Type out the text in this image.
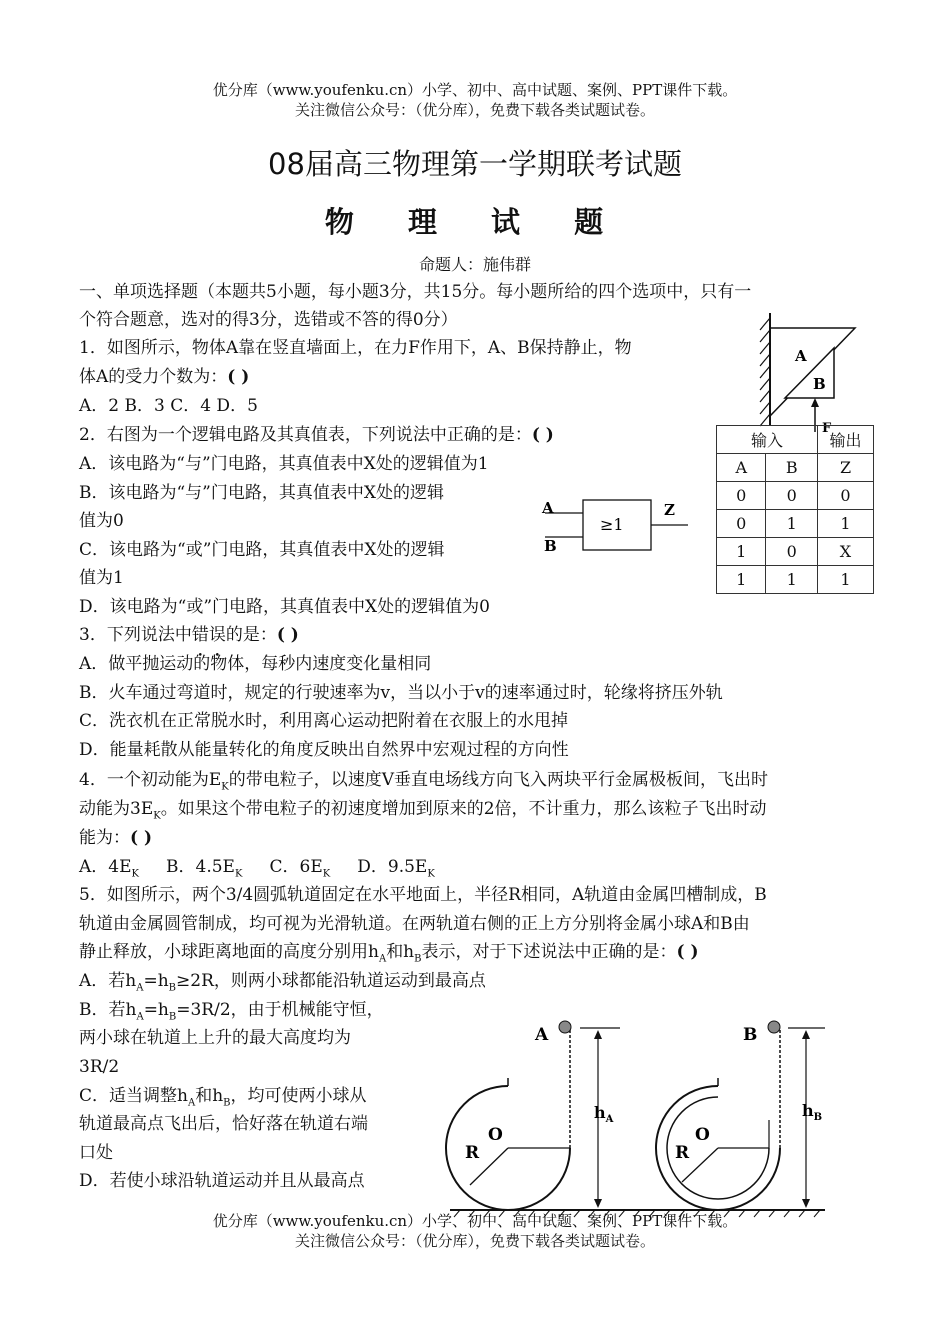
优分库（www.youfenku.cn）小学、初中、高中试题、案例、PPT课件下载。
关注微信公众号：（优分库），免费下载各类试题试卷。
08届高三物理第一学期联考试题
物 理 试 题
命题人：施伟群
一、单项选择题（本题共5小题，每小题3分，共15分。每小题所给的四个选项中，只有一
个符合题意，选对的得3分，选错或不答的得0分）
1．如图所示，物体A靠在竖直墙面上，在力F作用下，A、B保持静止，物
体A的受力个数为：( )
A．2 B．3 C．4 D．5
A
B
F
2．右图为一个逻辑电路及其真值表，下列说法中正确的是：( )
A．该电路为“与”门电路，其真值表中X处的逻辑值为1
B．该电路为“与”门电路，其真值表中X处的逻辑
值为0
C．该电路为“或”门电路，其真值表中X处的逻辑
值为1
D．该电路为“或”门电路，其真值表中X处的逻辑值为0
≥1
A
B
Z
输入		输出
A	B	Z
0	0	0
0	1	1
1	0	X
1	1	1
3．下列说法中错误的是：( )
A．做平抛运动的物体，每秒内速度变化量相同
B．火车通过弯道时，规定的行驶速率为v，当以小于v的速率通过时，轮缘将挤压外轨
C．洗衣机在正常脱水时，利用离心运动把附着在衣服上的水甩掉
D．能量耗散从能量转化的角度反映出自然界中宏观过程的方向性
4．一个初动能为$E_K$的带电粒子，以速度V垂直电场线方向飞入两块平行金属极板间，飞出时
动能为$3E_K$。如果这个带电粒子的初速度增加到原来的2倍，不计重力，那么该粒子飞出时动
能为：( )
A．$4E_K$ B．$4.5E_K$ C．$6E_K$ D．$9.5E_K$
5．如图所示，两个3/4圆弧轨道固定在水平地面上，半径R相同，A轨道由金属凹槽制成，B
轨道由金属圆管制成，均可视为光滑轨道。在两轨道右侧的正上方分别将金属小球A和B由
静止释放，小球距离地面的高度分别用$h_A$和$h_B$表示，对于下述说法中正确的是：( )
A．若$h_A=h_B\ge 2R$，则两小球都能沿轨道运动到最高点
B．若$h_A=h_B=3R/2$，由于机械能守恒，
两小球在轨道上上升的最大高度均为
3R/2
C．适当调整$h_A$和$h_B$，均可使两小球从
轨道最高点飞出后，恰好落在轨道右端
口处
D．若使小球沿轨道运动并且从最高点
A
O
R
$h_A$
B
O
R
$h_B$
优分库（www.youfenku.cn）小学、初中、高中试题、案例、PPT课件下载。
关注微信公众号：（优分库），免费下载各类试题试卷。
